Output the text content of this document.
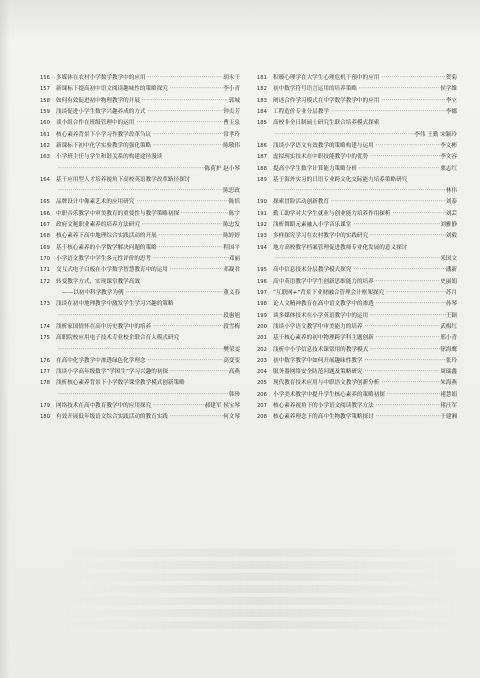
156	多媒体在农村小学数学教学中的应用 ·····	胡永千
157	新课标下提高初中语文阅读趣味性的策略探究 ·····	李小青
158	如何有效促进初中物理教学的开展 ·····	郭城
159	浅谈促进小学生数学兴趣养成的方式 ·····	钟贞芳
160	谈小组合作在班级管理中的运用 ·····	曹玉泉
161	核心素养背景下小学习作教学改革刍议 ·····	常孝玲
162	新课标下初中化学实验教学的强化策略 ·····	陈敬伟
163	小学班主任与学生和谐关系的构建途径漫谈
·····
陈荷护 赵小琴
164	基于应用型人才培养视角下高校英语教学改革路径探讨
·····
陈思政
165	品牌设计中像素艺术的应用研究 ·····	陈恬
166	中职音乐教学中审美教育的重要性与教学策略初探 ·····	陈宇
167	政府文秘职业素养的培养方法研究 ·····	陈忠发
168	核心素养下高中地理综合实践活动的开展 ·····	陈婷婷
169	基于核心素养的小学数学解决问题的策略 ·····	程国平
170	小学语文教学中学生多元性评价的思考 ·····	邓丽
171	交互式电子白板在小学数学智慧教育中的运用 ·····	邓凝君
172	转变教学方式，实现课堂教学高效
——以初中科学教学为例 ·····	董义春
173	浅谈在初中地理教学中激发学生学习兴趣的策略
·····
段惠旭
174	浅析家国情怀在高中历史教学中的培养 ·····	段雪梅
175	高职院校应用电子技术专业校企联合育人模式研究
·····
樊荣雯
176	在高中化学教学中渗透绿色化学理念 ·····	高变变
177	浅谈小学高年级数学“学困生”学习兴趣的初探 ·····	高燕
178	浅析核心素养背景下小学数学课堂教学模式创新策略
·····
韩珍
179	网络技术在高中教育教学中的应用探究 ·····	郝建军 侯宝琴
180	有效开展低年级语文综合实践活动的教育实践 ·····	何文琴
181	积极心理学在大学生心理危机干预中的应用 ·····	贺菊
182	初中数学符号语言运用的培养策略 ·····	侯学維
183	阐述合作学习模式在中学数学教学中的应用 ·····	李立
184	工程造价专业分层教学 ·····	李娜
185	高校非全日制硕士研究生联合培养模式探索
·····
李伟 王勤 宋颖玲
186	浅谈小学语文有效教学的策略构建与运用 ·····	李文彬
187	虚拟现实技术在中职技能教学中的优势 ·····	李文容
188	提高小学生数学计算能力策略分析 ·····	栗志红
189	基于海外实习的日语专业跨文化交际能力培养策略研究
·····
林伟
190	探索冒险活动创新教育 ·····	刘泰
191	勤工助学对大学生就业与创业能力培养作用探析 ·····	刘芸
192	浅析舞蹈元素融入小学音乐课堂 ·····	刘雅静
193	多样探究学习在农村教学中的实践研究 ·····	刘毅
194	地方高校教学档案管理促进教师专业化发展的意义探讨
·····
米国文
195	高中信息技术分层教学模式探究 ·····	潘新
196	高中英语教学中学生创新思维能力的培养 ·····	史丽娟
197	“互联网+”背景下业财融合管理会计框架探究 ·····	苏月
198	论人文精神教育在高中语文教学中的渗透 ·····	孙琴
199	谈多媒体技术在小学英语教学中的运用 ·····	王颖
200	浅谈小学语文教学中审美能力的培养 ·····	武梅红
201	基于核心素养的初中物理跨学科主题创新 ·····	邢小青
202	浅析中小学信息技术课常用的教学模式 ·····	徐海鹰
203	初中数学教学中如何开展趣味性教学 ·····	张玲
204	服务器网络安全防范问题及策略研究 ·····	周瑞鑫
205	现代教育技术应用与中职语文教学创新分析 ·····	朱海燕
206	小学美术教学中提升学生核心素养的策略初探 ·····	褚慧娟
207	核心素养视角下的小学语文阅读教学方法 ·····	褚汪军
208	核心素养理念下的高中生物教学策略探讨 ·····	于建湘
